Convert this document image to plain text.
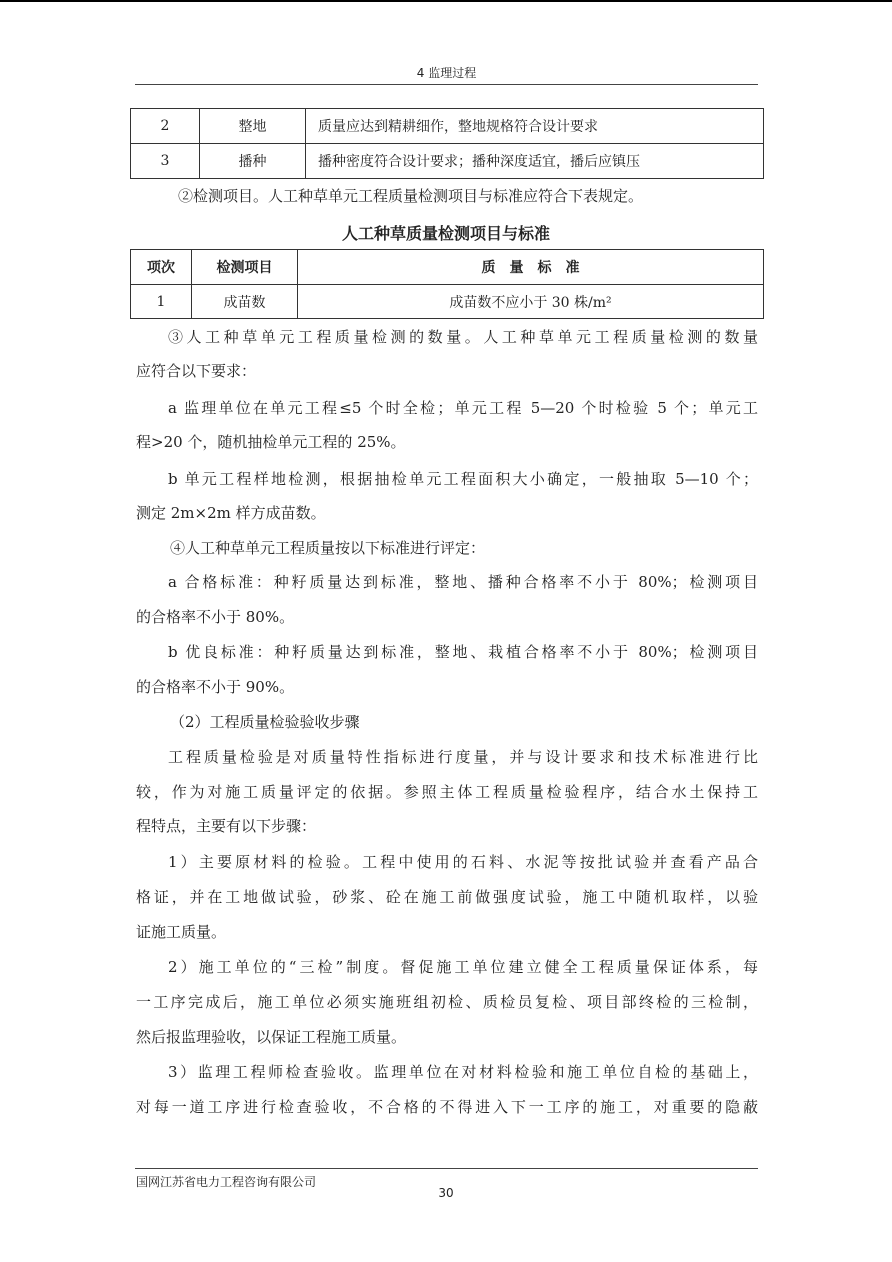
4 监理过程
2	整地	质量应达到精耕细作，整地规格符合设计要求
3	播种	播种密度符合设计要求；播种深度适宜，播后应镇压
②检测项目。人工种草单元工程质量检测项目与标准应符合下表规定。
人工种草质量检测项目与标准
项次	检测项目	质　量　标　准
1	成苗数	成苗数不应小于 30 株/m²
③人工种草单元工程质量检测的数量。人工种草单元工程质量检测的数量
应符合以下要求：
a 监理单位在单元工程≤5 个时全检；单元工程 5—20 个时检验 5 个；单元工
程>20 个，随机抽检单元工程的 25%。
b 单元工程样地检测，根据抽检单元工程面积大小确定，一般抽取 5—10 个；
测定 2m×2m 样方成苗数。
④人工种草单元工程质量按以下标准进行评定：
a 合格标准：种籽质量达到标准，整地、播种合格率不小于 80%；检测项目
的合格率不小于 80%。
b 优良标准：种籽质量达到标准，整地、栽植合格率不小于 80%；检测项目
的合格率不小于 90%。
（2）工程质量检验验收步骤
工程质量检验是对质量特性指标进行度量，并与设计要求和技术标准进行比
较，作为对施工质量评定的依据。参照主体工程质量检验程序，结合水土保持工
程特点，主要有以下步骤：
1）主要原材料的检验。工程中使用的石料、水泥等按批试验并查看产品合
格证，并在工地做试验，砂浆、砼在施工前做强度试验，施工中随机取样，以验
证施工质量。
2）施工单位的“三检”制度。督促施工单位建立健全工程质量保证体系，每
一工序完成后，施工单位必须实施班组初检、质检员复检、项目部终检的三检制，
然后报监理验收，以保证工程施工质量。
3）监理工程师检查验收。监理单位在对材料检验和施工单位自检的基础上，
对每一道工序进行检查验收，不合格的不得进入下一工序的施工，对重要的隐蔽
国网江苏省电力工程咨询有限公司
30
